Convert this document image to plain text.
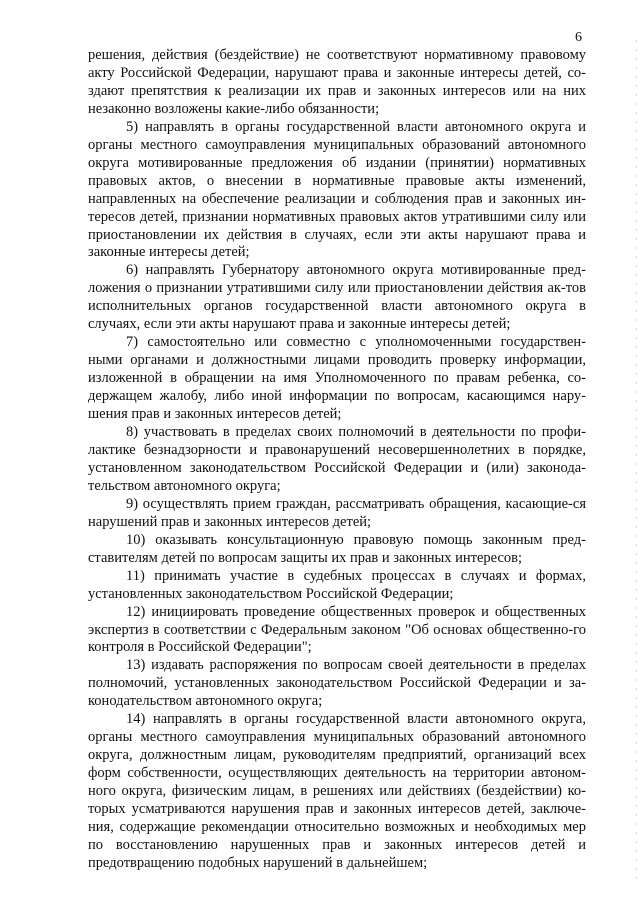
6

решения, действия (бездействие) не соответствуют нормативному правовому акту Российской Федерации, нарушают права и законные интересы детей, со-здают препятствия к реализации их прав и законных интересов или на них незаконно возложены какие-либо обязанности;

5) направлять в органы государственной власти автономного округа и органы местного самоуправления муниципальных образований автономного округа мотивированные предложения об издании (принятии) нормативных правовых актов, о внесении в нормативные правовые акты изменений, направленных на обеспечение реализации и соблюдения прав и законных ин-тересов детей, признании нормативных правовых актов утратившими силу или приостановлении их действия в случаях, если эти акты нарушают права и законные интересы детей;

6) направлять Губернатору автономного округа мотивированные пред-ложения о признании утратившими силу или приостановлении действия ак-тов исполнительных органов государственной власти автономного округа в случаях, если эти акты нарушают права и законные интересы детей;

7) самостоятельно или совместно с уполномоченными государствен-ными органами и должностными лицами проводить проверку информации, изложенной в обращении на имя Уполномоченного по правам ребенка, со-держащем жалобу, либо иной информации по вопросам, касающимся нару-шения прав и законных интересов детей;

8) участвовать в пределах своих полномочий в деятельности по профи-лактике безнадзорности и правонарушений несовершеннолетних в порядке, установленном законодательством Российской Федерации и (или) законода-тельством автономного округа;

9) осуществлять прием граждан, рассматривать обращения, касающие-ся нарушений прав и законных интересов детей;

10) оказывать консультационную правовую помощь законным пред-ставителям детей по вопросам защиты их прав и законных интересов;

11) принимать участие в судебных процессах в случаях и формах, установленных законодательством Российской Федерации;

12) инициировать проведение общественных проверок и общественных экспертиз в соответствии с Федеральным законом "Об основах общественно-го контроля в Российской Федерации";

13) издавать распоряжения по вопросам своей деятельности в пределах полномочий, установленных законодательством Российской Федерации и за-конодательством автономного округа;

14) направлять в органы государственной власти автономного округа, органы местного самоуправления муниципальных образований автономного округа, должностным лицам, руководителям предприятий, организаций всех форм собственности, осуществляющих деятельность на территории автоном-ного округа, физическим лицам, в решениях или действиях (бездействии) ко-торых усматриваются нарушения прав и законных интересов детей, заключе-ния, содержащие рекомендации относительно возможных и необходимых мер по восстановлению нарушенных прав и законных интересов детей и предотвращению подобных нарушений в дальнейшем;
